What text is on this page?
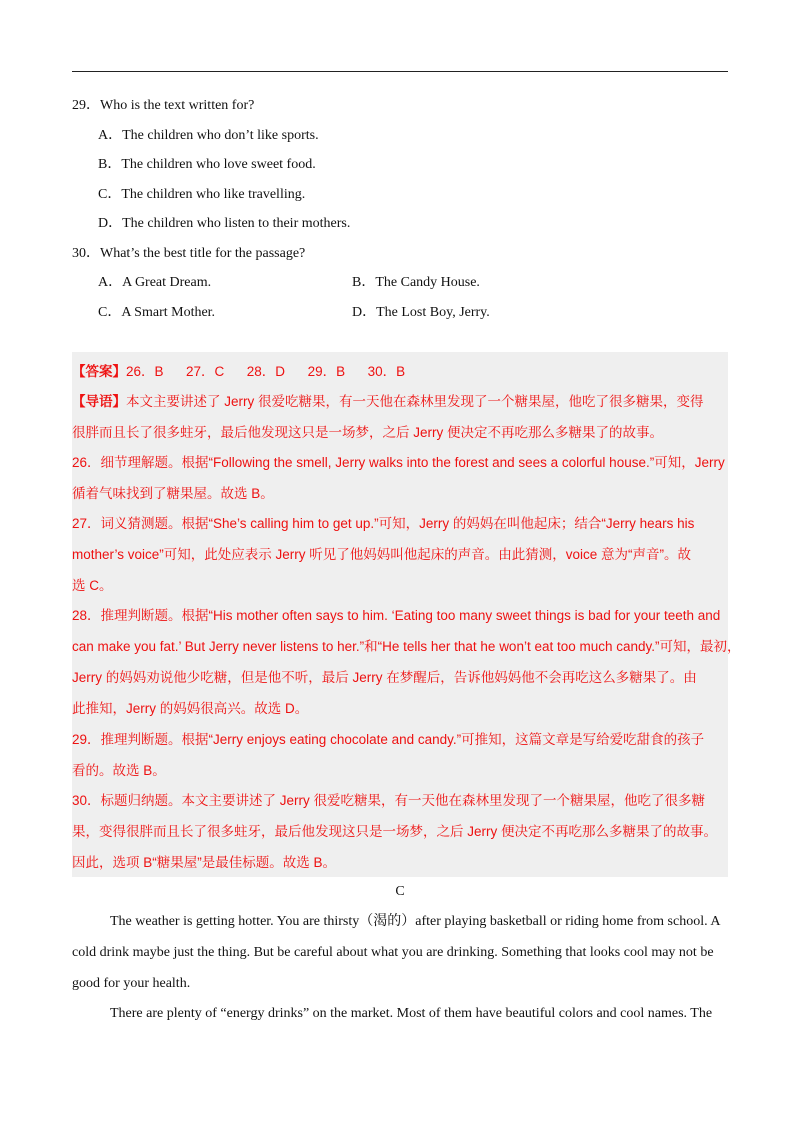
29．Who is the text written for?
A．The children who don’t like sports.
B．The children who love sweet food.
C．The children who like travelling.
D．The children who listen to their mothers.
30．What’s the best title for the passage?
A．A Great Dream.	B．The Candy House.
C．A Smart Mother.	D．The Lost Boy, Jerry.
【答案】26．B      27．C      28．D      29．B      30．B
【导语】本文主要讲述了 Jerry 很爱吃糖果，有一天他在森林里发现了一个糖果屋，他吃了很多糖果，变得
很胖而且长了很多蛀牙，最后他发现这只是一场梦，之后 Jerry 便决定不再吃那么多糖果了的故事。
26．细节理解题。根据“Following the smell, Jerry walks into the forest and sees a colorful house.”可知，Jerry
循着气味找到了糖果屋。故选 B。
27．词义猜测题。根据“She’s calling him to get up.”可知，Jerry 的妈妈在叫他起床；结合“Jerry hears his
mother’s voice”可知，此处应表示 Jerry 听见了他妈妈叫他起床的声音。由此猜测，voice 意为“声音”。故
选 C。
28．推理判断题。根据“His mother often says to him. ‘Eating too many sweet things is bad for your teeth and
can make you fat.’ But Jerry never listens to her.”和“He tells her that he won’t eat too much candy.”可知，最初，
Jerry 的妈妈劝说他少吃糖，但是他不听，最后 Jerry 在梦醒后，告诉他妈妈他不会再吃这么多糖果了。由
此推知，Jerry 的妈妈很高兴。故选 D。
29．推理判断题。根据“Jerry enjoys eating chocolate and candy.”可推知，这篇文章是写给爱吃甜食的孩子
看的。故选 B。
30．标题归纳题。本文主要讲述了 Jerry 很爱吃糖果，有一天他在森林里发现了一个糖果屋，他吃了很多糖
果，变得很胖而且长了很多蛀牙，最后他发现这只是一场梦，之后 Jerry 便决定不再吃那么多糖果了的故事。
因此，选项 B“糖果屋”是最佳标题。故选 B。
C
The weather is getting hotter. You are thirsty（渴的）after playing basketball or riding home from school. A
cold drink maybe just the thing. But be careful about what you are drinking. Something that looks cool may not be
good for your health.
There are plenty of “energy drinks” on the market. Most of them have beautiful colors and cool names. The
